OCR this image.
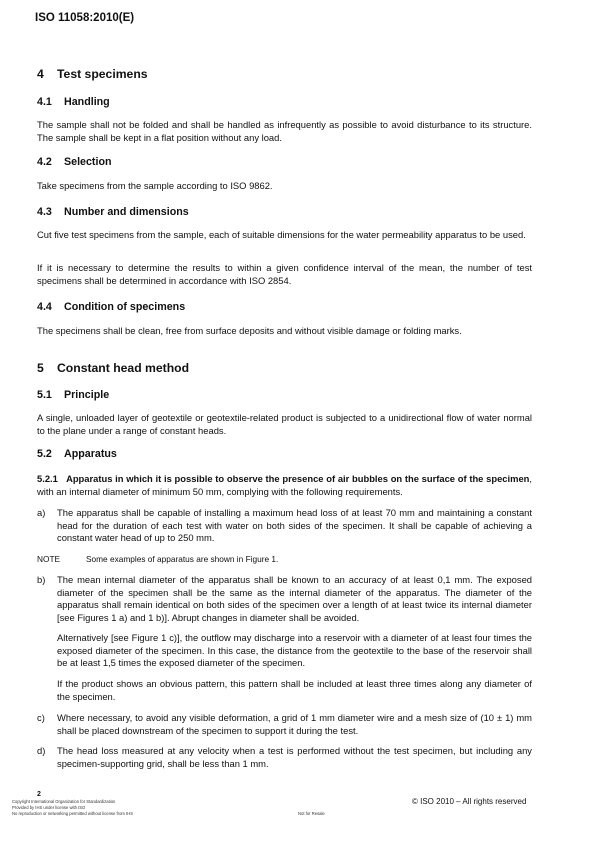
ISO 11058:2010(E)
4 Test specimens
4.1 Handling
The sample shall not be folded and shall be handled as infrequently as possible to avoid disturbance to its structure. The sample shall be kept in a flat position without any load.
4.2 Selection
Take specimens from the sample according to ISO 9862.
4.3 Number and dimensions
Cut five test specimens from the sample, each of suitable dimensions for the water permeability apparatus to be used.
If it is necessary to determine the results to within a given confidence interval of the mean, the number of test specimens shall be determined in accordance with ISO 2854.
4.4 Condition of specimens
The specimens shall be clean, free from surface deposits and without visible damage or folding marks.
5 Constant head method
5.1 Principle
A single, unloaded layer of geotextile or geotextile-related product is subjected to a unidirectional flow of water normal to the plane under a range of constant heads.
5.2 Apparatus
5.2.1 Apparatus in which it is possible to observe the presence of air bubbles on the surface of the specimen, with an internal diameter of minimum 50 mm, complying with the following requirements.
a) The apparatus shall be capable of installing a maximum head loss of at least 70 mm and maintaining a constant head for the duration of each test with water on both sides of the specimen. It shall be capable of achieving a constant water head of up to 250 mm.
NOTE	Some examples of apparatus are shown in Figure 1.
b) The mean internal diameter of the apparatus shall be known to an accuracy of at least 0,1 mm. The exposed diameter of the specimen shall be the same as the internal diameter of the apparatus. The diameter of the apparatus shall remain identical on both sides of the specimen over a length of at least twice its internal diameter [see Figures 1 a) and 1 b)]. Abrupt changes in diameter shall be avoided.
Alternatively [see Figure 1 c)], the outflow may discharge into a reservoir with a diameter of at least four times the exposed diameter of the specimen. In this case, the distance from the geotextile to the base of the reservoir shall be at least 1,5 times the exposed diameter of the specimen.
If the product shows an obvious pattern, this pattern shall be included at least three times along any diameter of the specimen.
c) Where necessary, to avoid any visible deformation, a grid of 1 mm diameter wire and a mesh size of (10 ± 1) mm shall be placed downstream of the specimen to support it during the test.
d) The head loss measured at any velocity when a test is performed without the test specimen, but including any specimen-supporting grid, shall be less than 1 mm.
2
© ISO 2010 – All rights reserved
Copyright International Organization for Standardization
Provided by IHS under license with ISO
No reproduction or networking permitted without license from IHS	Not for Resale
